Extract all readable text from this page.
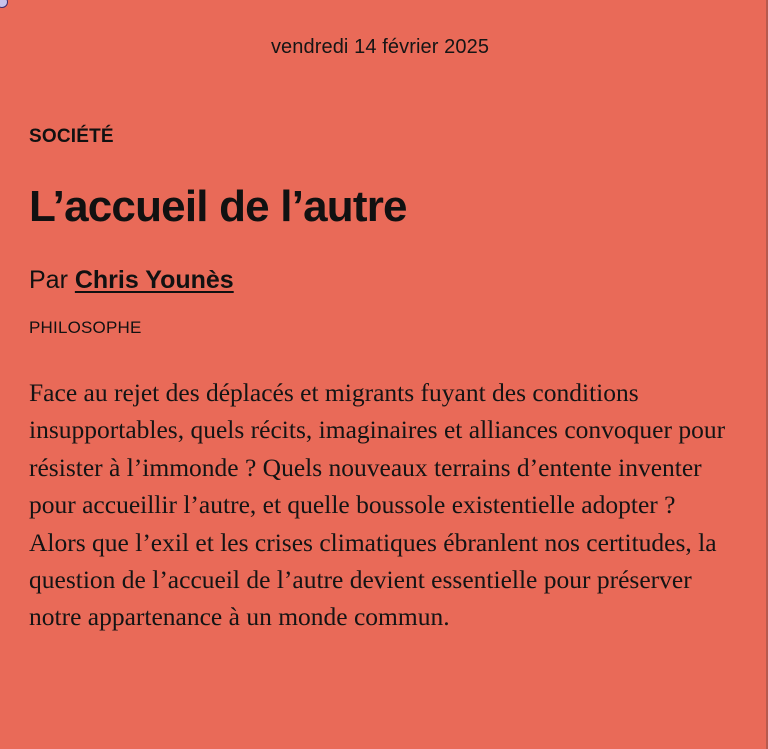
vendredi 14 février 2025
SOCIÉTÉ
L’accueil de l’autre
Par Chris Younès
PHILOSOPHE

Face au rejet des déplacés et migrants fuyant des conditions insupportables, quels récits, imaginaires et alliances convoquer pour résister à l’immonde ? Quels nouveaux terrains d’entente inventer pour accueillir l’autre, et quelle boussole existentielle adopter ? Alors que l’exil et les crises climatiques ébranlent nos certitudes, la question de l’accueil de l’autre devient essentielle pour préserver notre appartenance à un monde commun.
